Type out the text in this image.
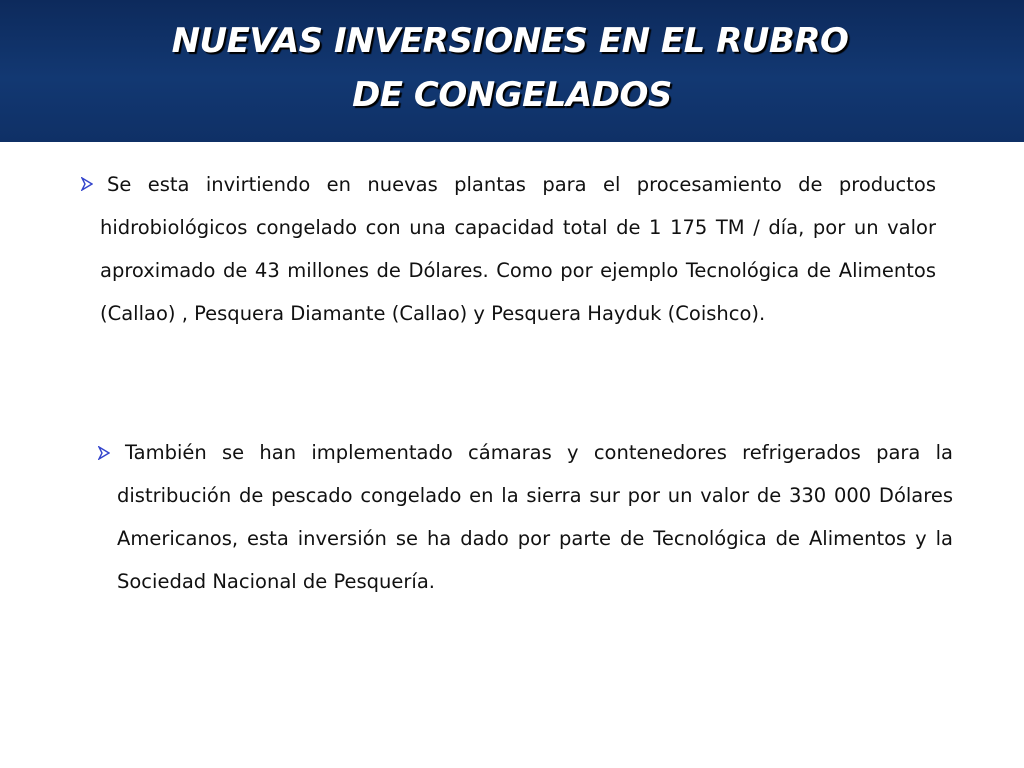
NUEVAS INVERSIONES EN EL RUBRO
DE CONGELADOS
Se esta invirtiendo en nuevas plantas para el procesamiento de productos hidrobiológicos congelado con una capacidad total de 1 175 TM / día, por un valor aproximado de 43 millones de Dólares. Como por ejemplo Tecnológica de Alimentos (Callao) , Pesquera Diamante (Callao) y Pesquera Hayduk (Coishco).
También se han implementado cámaras y contenedores refrigerados para la distribución de pescado congelado en la sierra sur por un valor de 330 000 Dólares Americanos, esta inversión se ha dado por parte de Tecnológica de Alimentos y la Sociedad Nacional de Pesquería.
